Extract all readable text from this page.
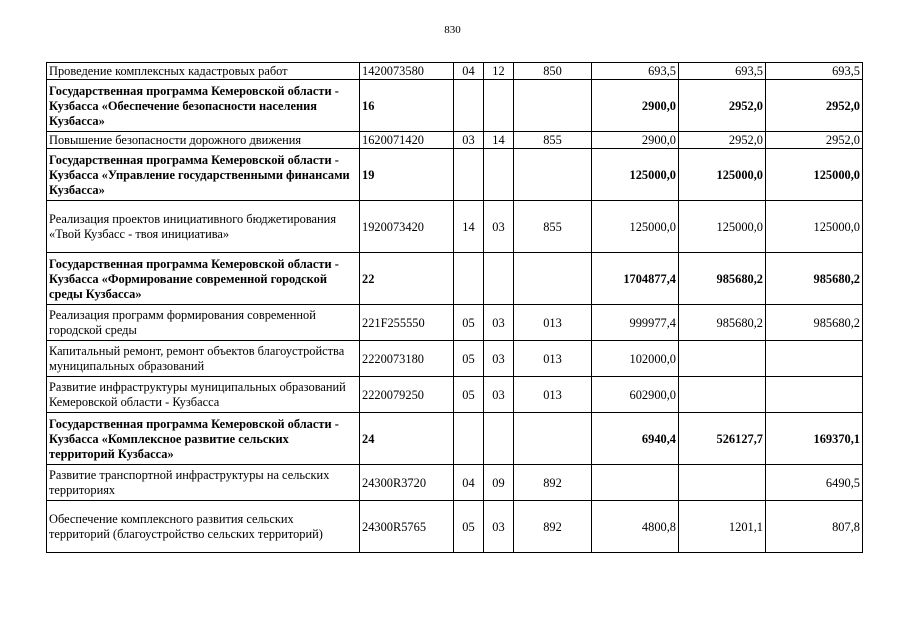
830
Проведение комплексных кадастровых работ	1420073580	04	12	850	693,5	693,5	693,5
Государственная программа Кемеровской области - Кузбасса «Обеспечение безопасности населения Кузбасса»	16				2900,0	2952,0	2952,0
Повышение безопасности дорожного движения	1620071420	03	14	855	2900,0	2952,0	2952,0
Государственная программа Кемеровской области - Кузбасса «Управление государственными финансами Кузбасса»	19				125000,0	125000,0	125000,0
Реализация проектов инициативного бюджетирования «Твой Кузбасс - твоя инициатива»	1920073420	14	03	855	125000,0	125000,0	125000,0
Государственная программа Кемеровской области - Кузбасса «Формирование современной городской среды Кузбасса»	22				1704877,4	985680,2	985680,2
Реализация программ формирования современной городской среды	221F255550	05	03	013	999977,4	985680,2	985680,2
Капитальный ремонт, ремонт объектов благоустройства муниципальных образований	2220073180	05	03	013	102000,0		
Развитие инфраструктуры муниципальных образований Кемеровской области - Кузбасса	2220079250	05	03	013	602900,0		
Государственная программа Кемеровской области - Кузбасса «Комплексное развитие сельских территорий Кузбасса»	24				6940,4	526127,7	169370,1
Развитие транспортной инфраструктуры на сельских территориях	24300R3720	04	09	892			6490,5
Обеспечение комплексного развития сельских территорий (благоустройство сельских территорий)	24300R5765	05	03	892	4800,8	1201,1	807,8
